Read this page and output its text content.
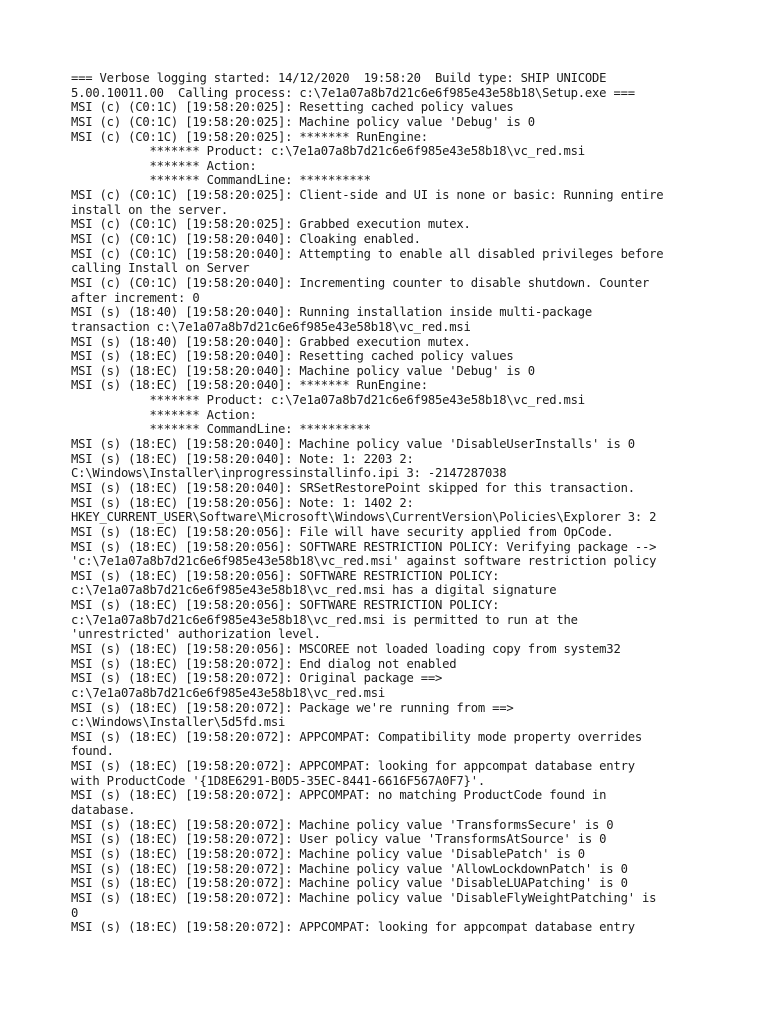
=== Verbose logging started: 14/12/2020  19:58:20  Build type: SHIP UNICODE
5.00.10011.00  Calling process: c:\7e1a07a8b7d21c6e6f985e43e58b18\Setup.exe ===
MSI (c) (C0:1C) [19:58:20:025]: Resetting cached policy values
MSI (c) (C0:1C) [19:58:20:025]: Machine policy value 'Debug' is 0
MSI (c) (C0:1C) [19:58:20:025]: ******* RunEngine:
******* Product: c:\7e1a07a8b7d21c6e6f985e43e58b18\vc_red.msi
******* Action:
******* CommandLine: **********
MSI (c) (C0:1C) [19:58:20:025]: Client-side and UI is none or basic: Running entire
install on the server.
MSI (c) (C0:1C) [19:58:20:025]: Grabbed execution mutex.
MSI (c) (C0:1C) [19:58:20:040]: Cloaking enabled.
MSI (c) (C0:1C) [19:58:20:040]: Attempting to enable all disabled privileges before
calling Install on Server
MSI (c) (C0:1C) [19:58:20:040]: Incrementing counter to disable shutdown. Counter
after increment: 0
MSI (s) (18:40) [19:58:20:040]: Running installation inside multi-package
transaction c:\7e1a07a8b7d21c6e6f985e43e58b18\vc_red.msi
MSI (s) (18:40) [19:58:20:040]: Grabbed execution mutex.
MSI (s) (18:EC) [19:58:20:040]: Resetting cached policy values
MSI (s) (18:EC) [19:58:20:040]: Machine policy value 'Debug' is 0
MSI (s) (18:EC) [19:58:20:040]: ******* RunEngine:
******* Product: c:\7e1a07a8b7d21c6e6f985e43e58b18\vc_red.msi
******* Action:
******* CommandLine: **********
MSI (s) (18:EC) [19:58:20:040]: Machine policy value 'DisableUserInstalls' is 0
MSI (s) (18:EC) [19:58:20:040]: Note: 1: 2203 2:
C:\Windows\Installer\inprogressinstallinfo.ipi 3: -2147287038
MSI (s) (18:EC) [19:58:20:040]: SRSetRestorePoint skipped for this transaction.
MSI (s) (18:EC) [19:58:20:056]: Note: 1: 1402 2:
HKEY_CURRENT_USER\Software\Microsoft\Windows\CurrentVersion\Policies\Explorer 3: 2
MSI (s) (18:EC) [19:58:20:056]: File will have security applied from OpCode.
MSI (s) (18:EC) [19:58:20:056]: SOFTWARE RESTRICTION POLICY: Verifying package -->
'c:\7e1a07a8b7d21c6e6f985e43e58b18\vc_red.msi' against software restriction policy
MSI (s) (18:EC) [19:58:20:056]: SOFTWARE RESTRICTION POLICY:
c:\7e1a07a8b7d21c6e6f985e43e58b18\vc_red.msi has a digital signature
MSI (s) (18:EC) [19:58:20:056]: SOFTWARE RESTRICTION POLICY:
c:\7e1a07a8b7d21c6e6f985e43e58b18\vc_red.msi is permitted to run at the
'unrestricted' authorization level.
MSI (s) (18:EC) [19:58:20:056]: MSCOREE not loaded loading copy from system32
MSI (s) (18:EC) [19:58:20:072]: End dialog not enabled
MSI (s) (18:EC) [19:58:20:072]: Original package ==>
c:\7e1a07a8b7d21c6e6f985e43e58b18\vc_red.msi
MSI (s) (18:EC) [19:58:20:072]: Package we're running from ==>
c:\Windows\Installer\5d5fd.msi
MSI (s) (18:EC) [19:58:20:072]: APPCOMPAT: Compatibility mode property overrides
found.
MSI (s) (18:EC) [19:58:20:072]: APPCOMPAT: looking for appcompat database entry
with ProductCode '{1D8E6291-B0D5-35EC-8441-6616F567A0F7}'.
MSI (s) (18:EC) [19:58:20:072]: APPCOMPAT: no matching ProductCode found in
database.
MSI (s) (18:EC) [19:58:20:072]: Machine policy value 'TransformsSecure' is 0
MSI (s) (18:EC) [19:58:20:072]: User policy value 'TransformsAtSource' is 0
MSI (s) (18:EC) [19:58:20:072]: Machine policy value 'DisablePatch' is 0
MSI (s) (18:EC) [19:58:20:072]: Machine policy value 'AllowLockdownPatch' is 0
MSI (s) (18:EC) [19:58:20:072]: Machine policy value 'DisableLUAPatching' is 0
MSI (s) (18:EC) [19:58:20:072]: Machine policy value 'DisableFlyWeightPatching' is
0
MSI (s) (18:EC) [19:58:20:072]: APPCOMPAT: looking for appcompat database entry
